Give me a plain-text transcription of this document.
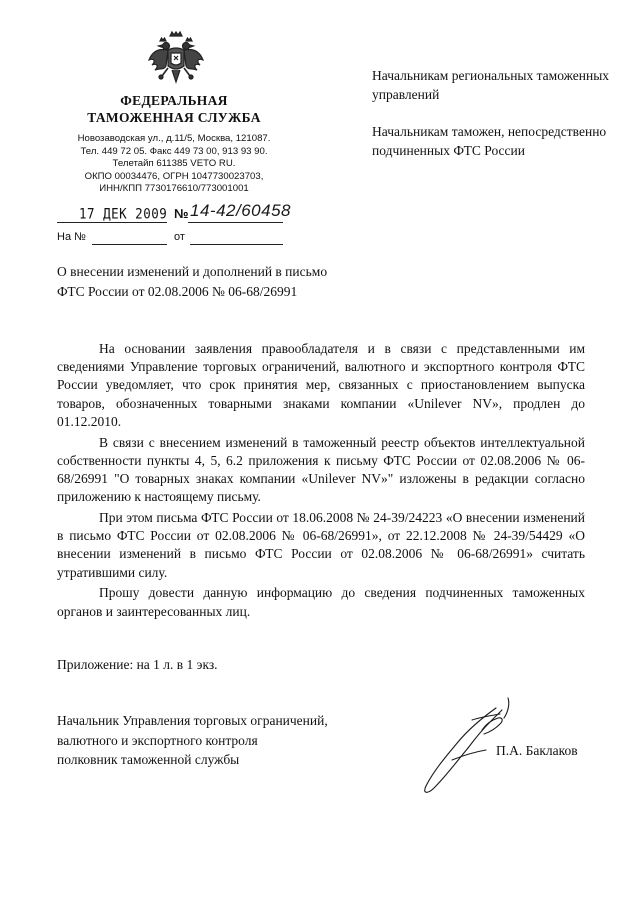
ФЕДЕРАЛЬНАЯ
ТАМОЖЕННАЯ СЛУЖБА
Новозаводская ул., д.11/5, Москва, 121087.
Тел. 449 72 05. Факс 449 73 00, 913 93 90.
Телетайп 611385 VETO RU.
ОКПО 00034476, ОГРН 1047730023703,
ИНН/КПП 7730176610/773001001
17 ДЕК 2009 № 14-42/60458
На №	от
Начальникам региональных таможенных управлений
Начальникам таможен, непосредственно подчиненных ФТС России
О внесении изменений и дополнений в письмо ФТС России от 02.08.2006 № 06-68/26991

На основании заявления правообладателя и в связи с представленными им сведениями Управление торговых ограничений, валютного и экспортного контроля ФТС России уведомляет, что срок принятия мер, связанных с приостановлением выпуска товаров, обозначенных товарными знаками компании «Unilever NV», продлен до 01.12.2010.

В связи с внесением изменений в таможенный реестр объектов интеллектуальной собственности пункты 4, 5, 6.2 приложения к письму ФТС России от 02.08.2006 № 06-68/26991 "О товарных знаках компании «Unilever NV»" изложены в редакции согласно приложению к настоящему письму.

При этом письма ФТС России от 18.06.2008 № 24-39/24223 «О внесении изменений в письмо ФТС России от 02.08.2006 № 06-68/26991», от 22.12.2008 № 24-39/54429 «О внесении изменений в письмо ФТС России от 02.08.2006 № 06-68/26991» считать утратившими силу.

Прошу довести данную информацию до сведения подчиненных таможенных органов и заинтересованных лиц.

Приложение: на 1 л. в 1 экз.
Начальник Управления торговых ограничений,
валютного и экспортного контроля
полковник таможенной службы
П.А. Баклаков
